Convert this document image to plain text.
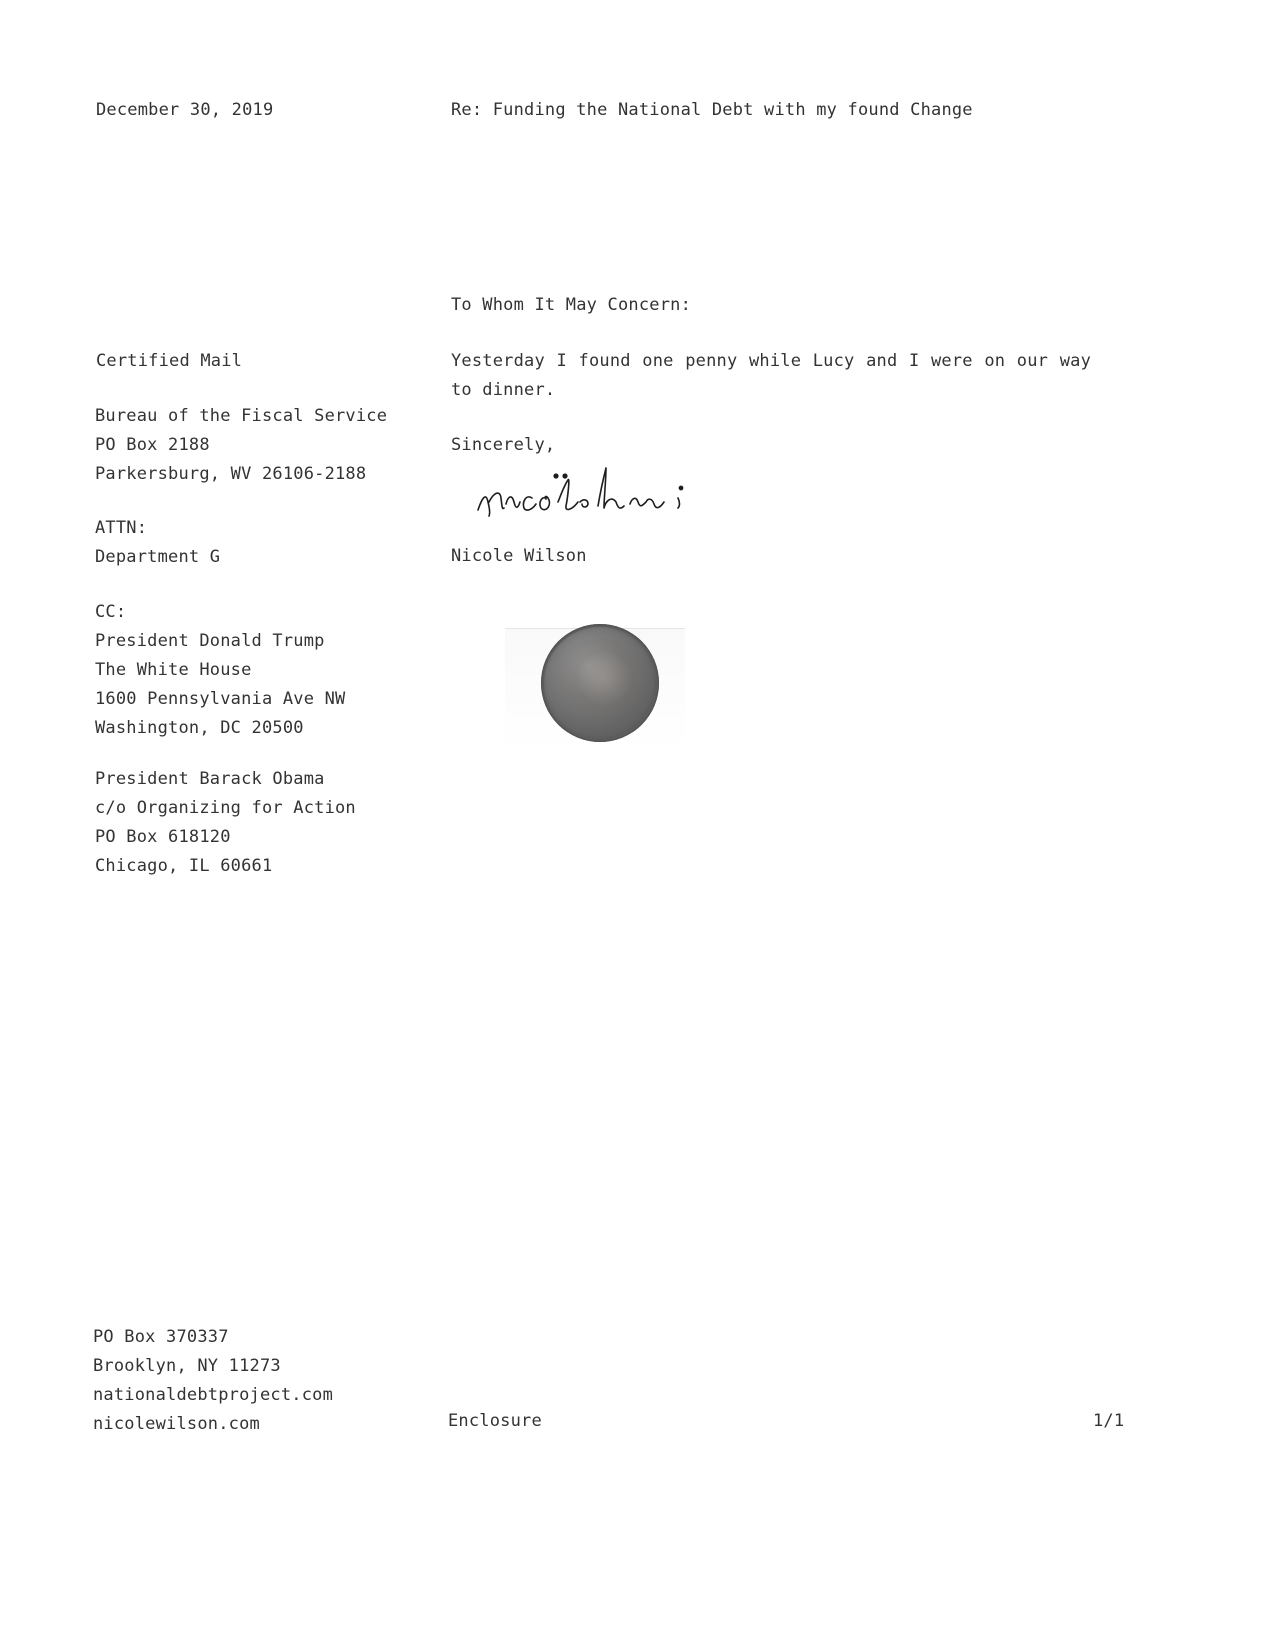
December 30, 2019	Re: Funding the National Debt with my found Change
To Whom It May Concern:
Certified Mail
Bureau of the Fiscal Service
PO Box 2188
Parkersburg, WV 26106-2188
ATTN:
Department G
CC:
President Donald Trump
The White House
1600 Pennsylvania Ave NW
Washington, DC 20500
President Barack Obama
c/o Organizing for Action
PO Box 618120
Chicago, IL 60661
Yesterday I found one penny while Lucy and I were on our way to dinner.
Sincerely,
Nicole Wilson
PO Box 370337
Brooklyn, NY 11273
nationaldebtproject.com
nicolewilson.com	Enclosure	1/1
